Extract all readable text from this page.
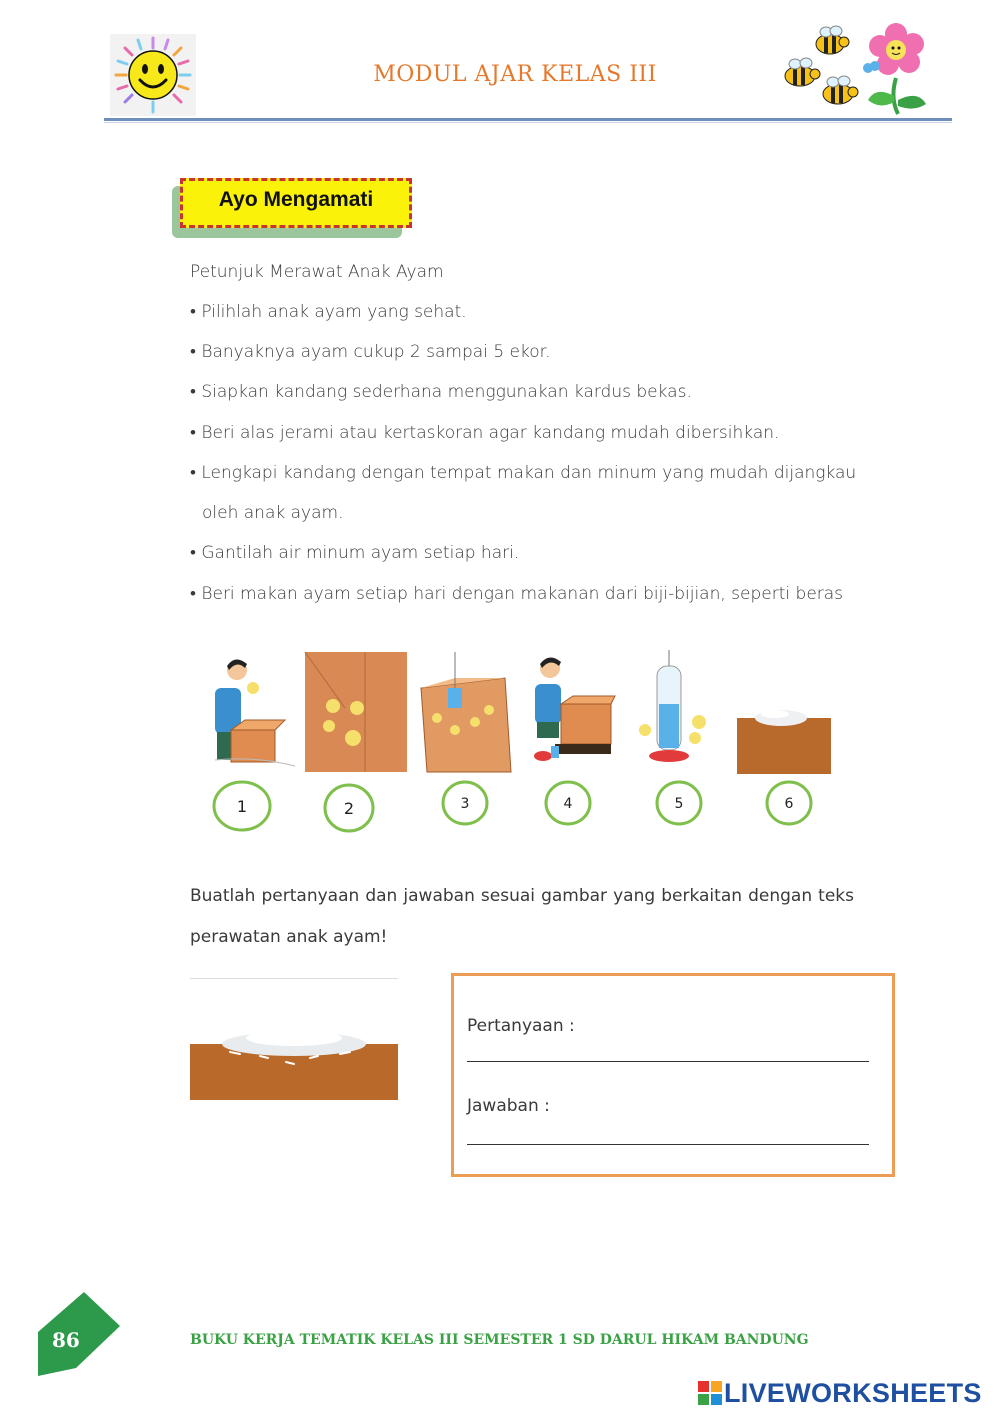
MODUL AJAR KELAS III
Ayo Mengamati
Petunjuk Merawat Anak Ayam
• Pilihlah anak ayam yang sehat.
• Banyaknya ayam cukup 2 sampai 5 ekor.
• Siapkan kandang sederhana menggunakan kardus bekas.
• Beri alas jerami atau kertaskoran agar kandang mudah dibersihkan.
• Lengkapi kandang dengan tempat makan dan minum yang mudah dijangkau
oleh anak ayam.
• Gantilah air minum ayam setiap hari.
• Beri makan ayam setiap hari dengan makanan dari biji-bijian, seperti beras
1	2	3	4	5	6
Buatlah pertanyaan dan jawaban sesuai gambar yang berkaitan dengan teks perawatan anak ayam!
Pertanyaan :
Jawaban :
86	BUKU KERJA TEMATIK KELAS III SEMESTER 1 SD DARUL HIKAM BANDUNG
LIVEWORKSHEETS
